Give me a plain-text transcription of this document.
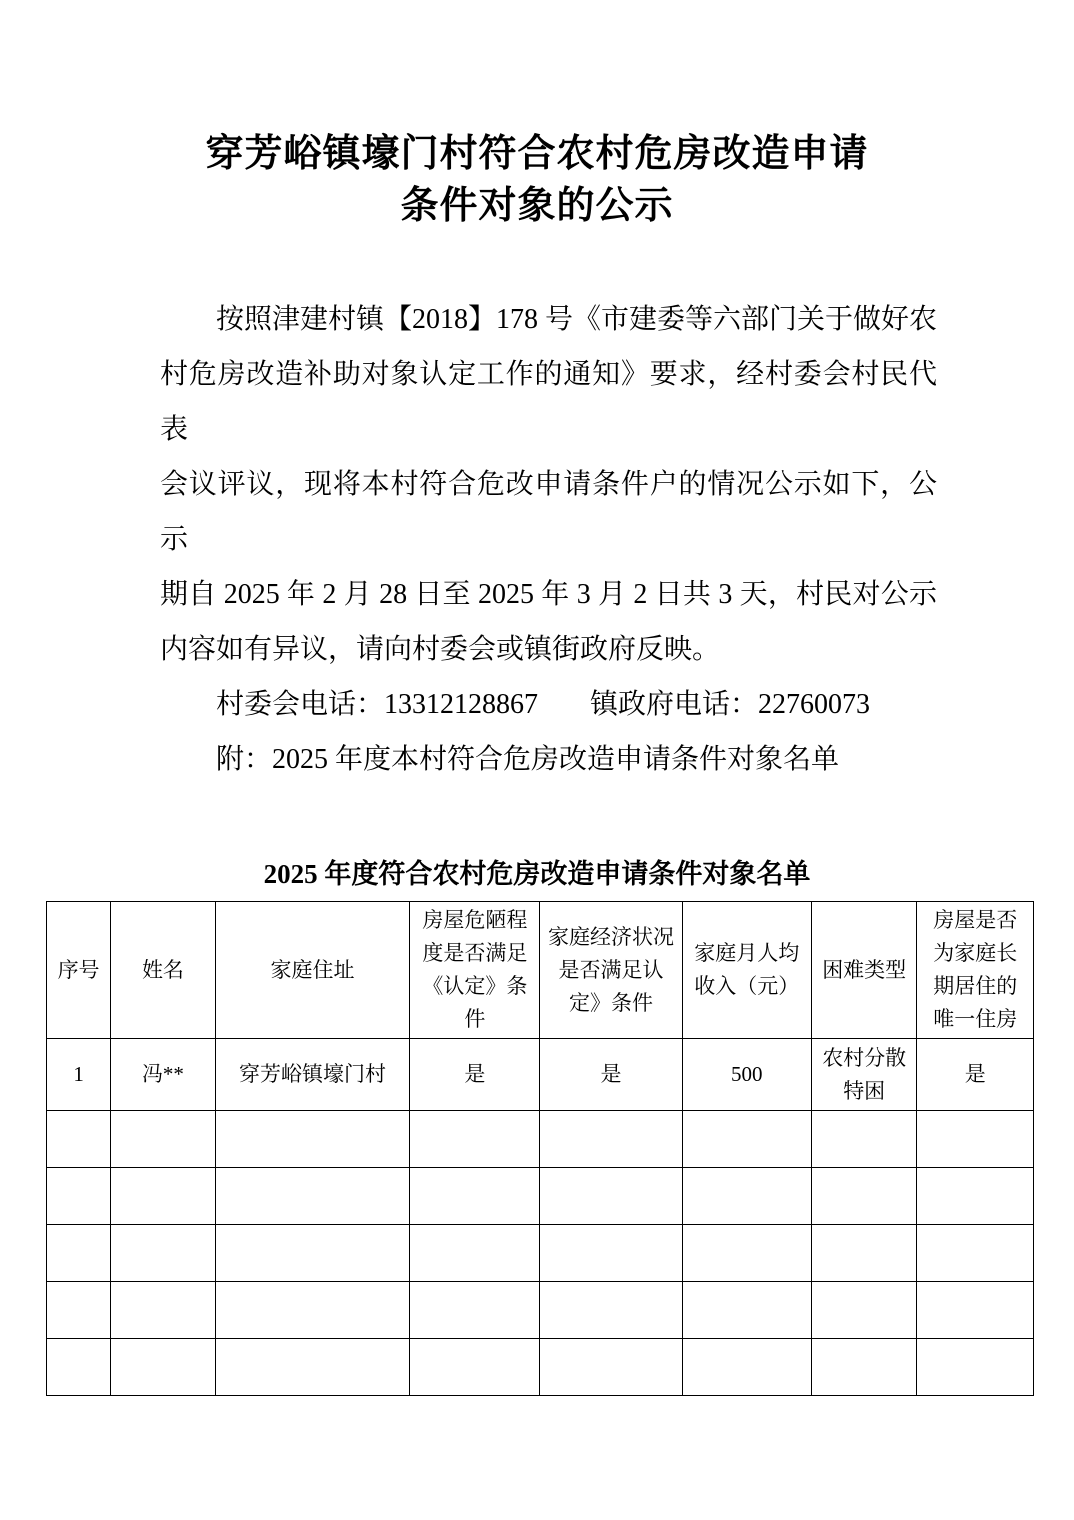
穿芳峪镇壕门村符合农村危房改造申请
条件对象的公示
按照津建村镇【2018】178 号《市建委等六部门关于做好农
村危房改造补助对象认定工作的通知》要求，经村委会村民代表
会议评议，现将本村符合危改申请条件户的情况公示如下，公示
期自 2025 年 2 月 28 日至 2025 年 3 月 2 日共 3 天，村民对公示
内容如有异议，请向村委会或镇街政府反映。
村委会电话：13312128867 镇政府电话：22760073
附：2025 年度本村符合危房改造申请条件对象名单
2025 年度符合农村危房改造申请条件对象名单
序号	姓名	家庭住址	房屋危陋程度是否满足《认定》条件	家庭经济状况是否满足认定》条件	家庭月人均收入（元）	困难类型	房屋是否为家庭长期居住的唯一住房
1	冯**	穿芳峪镇壕门村	是	是	500	农村分散特困	是
